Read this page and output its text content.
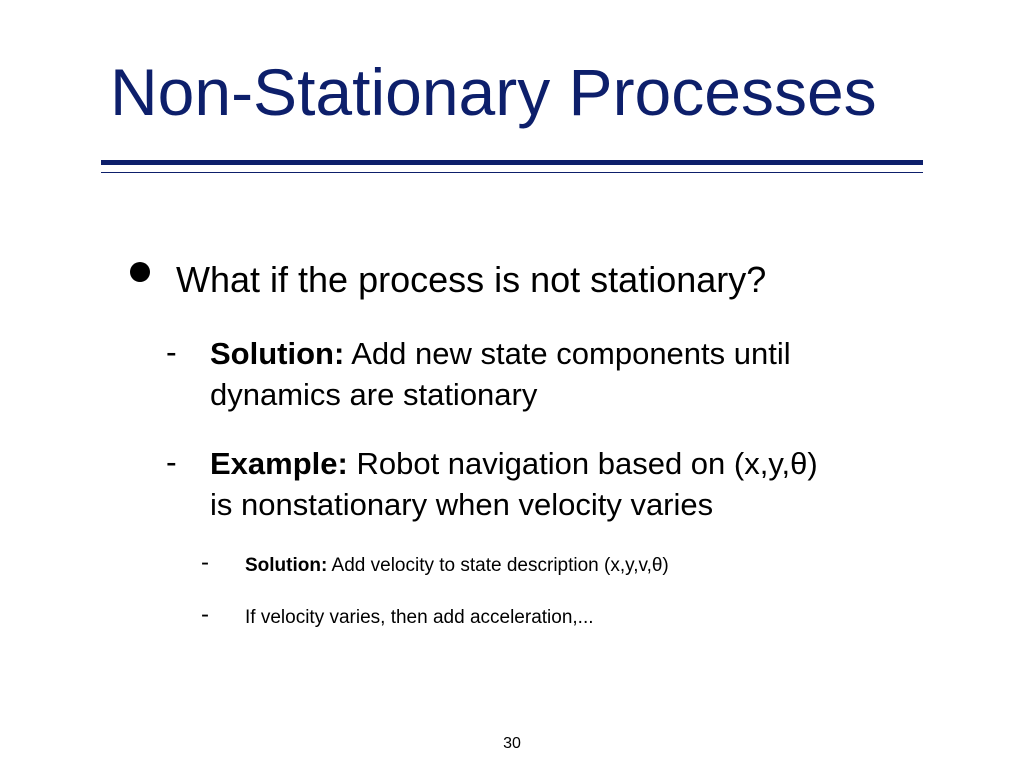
Non-Stationary Processes
What if the process is not stationary?
- Solution: Add new state components until
dynamics are stationary
- Example: Robot navigation based on (x,y,θ)
is nonstationary when velocity varies
- Solution: Add velocity to state description (x,y,v,θ)
- If velocity varies, then add acceleration,...
30
